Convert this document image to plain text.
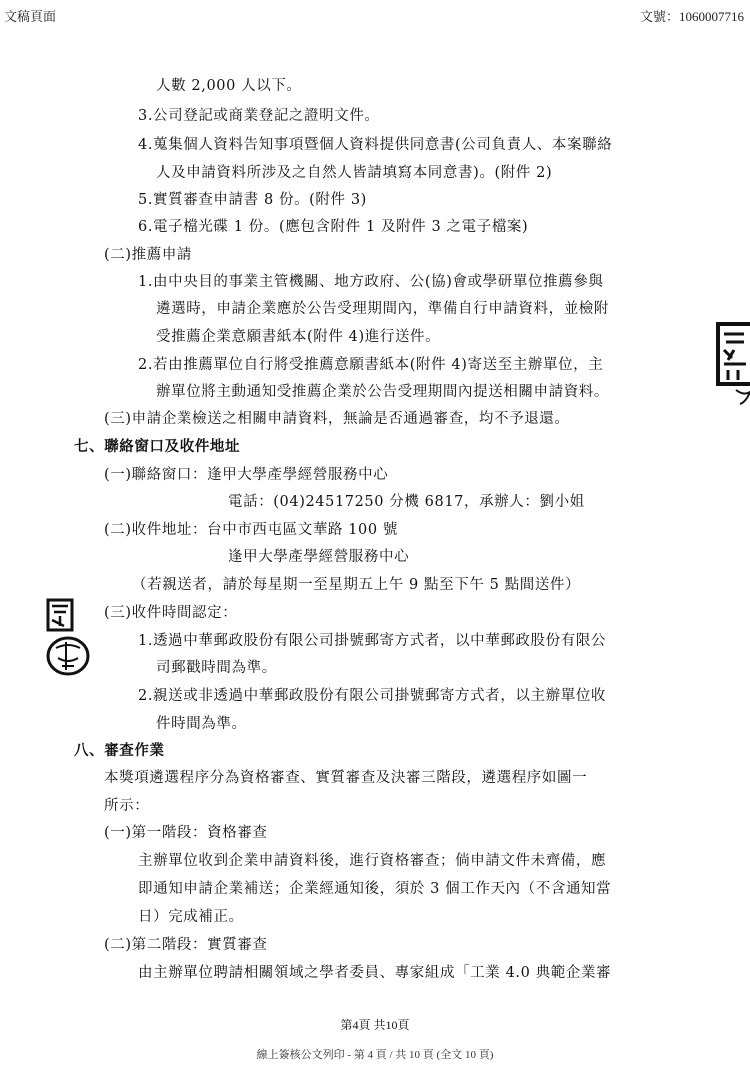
文稿頁面	文號：1060007716
人數 2,000 人以下。
3.公司登記或商業登記之證明文件。
4.蒐集個人資料告知事項暨個人資料提供同意書(公司負責人、本案聯絡
人及申請資料所涉及之自然人皆請填寫本同意書)。(附件 2)
5.實質審查申請書 8 份。(附件 3)
6.電子檔光碟 1 份。(應包含附件 1 及附件 3 之電子檔案)
(二)推薦申請
1.由中央目的事業主管機關、地方政府、公(協)會或學研單位推薦參與
遴選時，申請企業應於公告受理期間內，準備自行申請資料，並檢附
受推薦企業意願書紙本(附件 4)進行送件。
2.若由推薦單位自行將受推薦意願書紙本(附件 4)寄送至主辦單位，主
辦單位將主動通知受推薦企業於公告受理期間內提送相關申請資料。
(三)申請企業檢送之相關申請資料，無論是否通過審查，均不予退還。
七、聯絡窗口及收件地址
(一)聯絡窗口：逢甲大學產學經營服務中心
電話：(04)24517250 分機 6817，承辦人：劉小姐
(二)收件地址：台中市西屯區文華路 100 號
逢甲大學產學經營服務中心
（若親送者，請於每星期一至星期五上午 9 點至下午 5 點間送件）
(三)收件時間認定：
1.透過中華郵政股份有限公司掛號郵寄方式者，以中華郵政股份有限公
司郵戳時間為準。
2.親送或非透過中華郵政股份有限公司掛號郵寄方式者，以主辦單位收
件時間為準。
八、審查作業
本獎項遴選程序分為資格審查、實質審查及決審三階段，遴選程序如圖一
所示：
(一)第一階段：資格審查
主辦單位收到企業申請資料後，進行資格審查；倘申請文件未齊備，應
即通知申請企業補送；企業經通知後，須於 3 個工作天內（不含通知當
日）完成補正。
(二)第二階段：實質審查
由主辦單位聘請相關領域之學者委員、專家組成「工業 4.0 典範企業審
第4頁 共10頁
線上簽核公文列印 - 第 4 頁 / 共 10 頁 (全文 10 頁)
